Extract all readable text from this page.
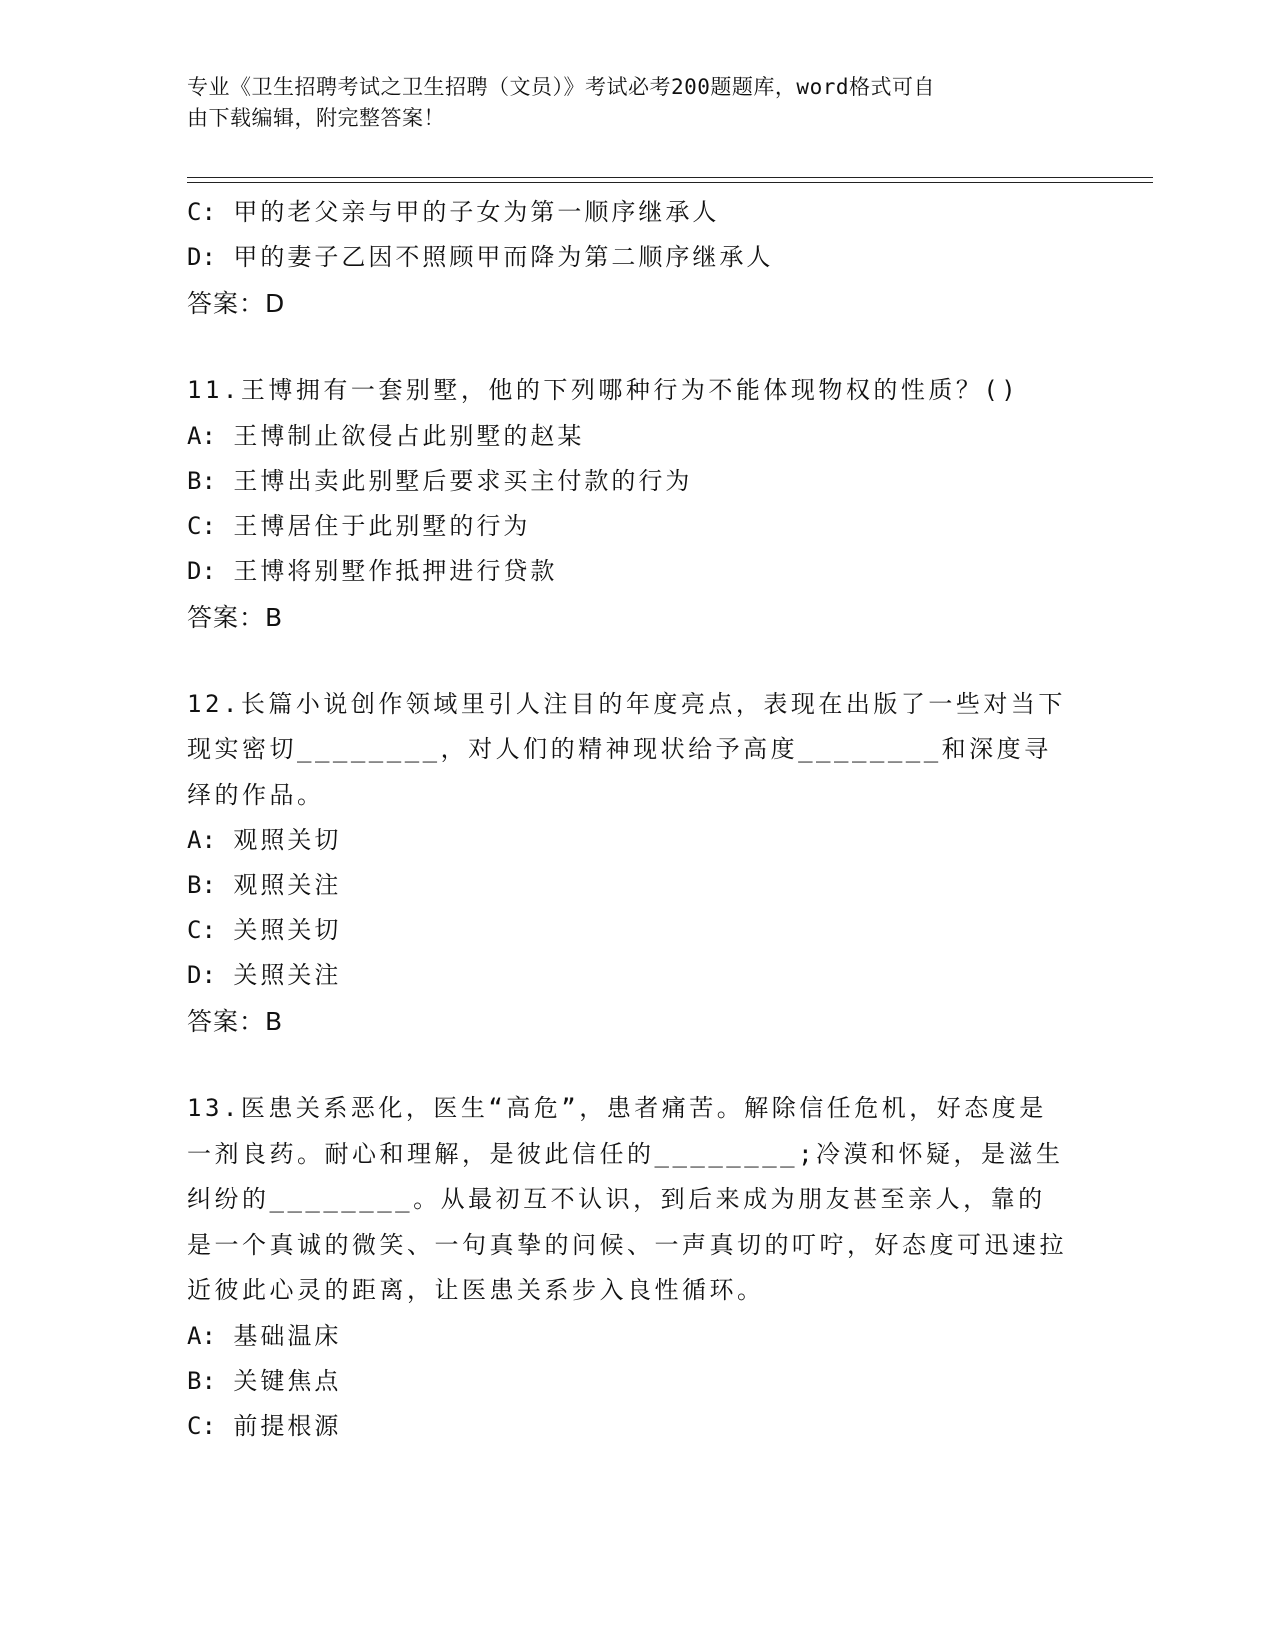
专业《卫生招聘考试之卫生招聘（文员）》考试必考200题题库，word格式可自
由下载编辑，附完整答案！
C: 甲的老父亲与甲的子女为第一顺序继承人
D: 甲的妻子乙因不照顾甲而降为第二顺序继承人
答案：D
11.王博拥有一套别墅，他的下列哪种行为不能体现物权的性质？()
A: 王博制止欲侵占此别墅的赵某
B: 王博出卖此别墅后要求买主付款的行为
C: 王博居住于此别墅的行为
D: 王博将别墅作抵押进行贷款
答案：B
12.长篇小说创作领域里引人注目的年度亮点，表现在出版了一些对当下现实密切________，对人们的精神现状给予高度________和深度寻绎的作品。
A: 观照关切
B: 观照关注
C: 关照关切
D: 关照关注
答案：B
13.医患关系恶化，医生“高危”，患者痛苦。解除信任危机，好态度是一剂良药。耐心和理解，是彼此信任的________;冷漠和怀疑，是滋生纠纷的________。从最初互不认识，到后来成为朋友甚至亲人，靠的是一个真诚的微笑、一句真挚的问候、一声真切的叮咛，好态度可迅速拉近彼此心灵的距离，让医患关系步入良性循环。
A: 基础温床
B: 关键焦点
C: 前提根源
